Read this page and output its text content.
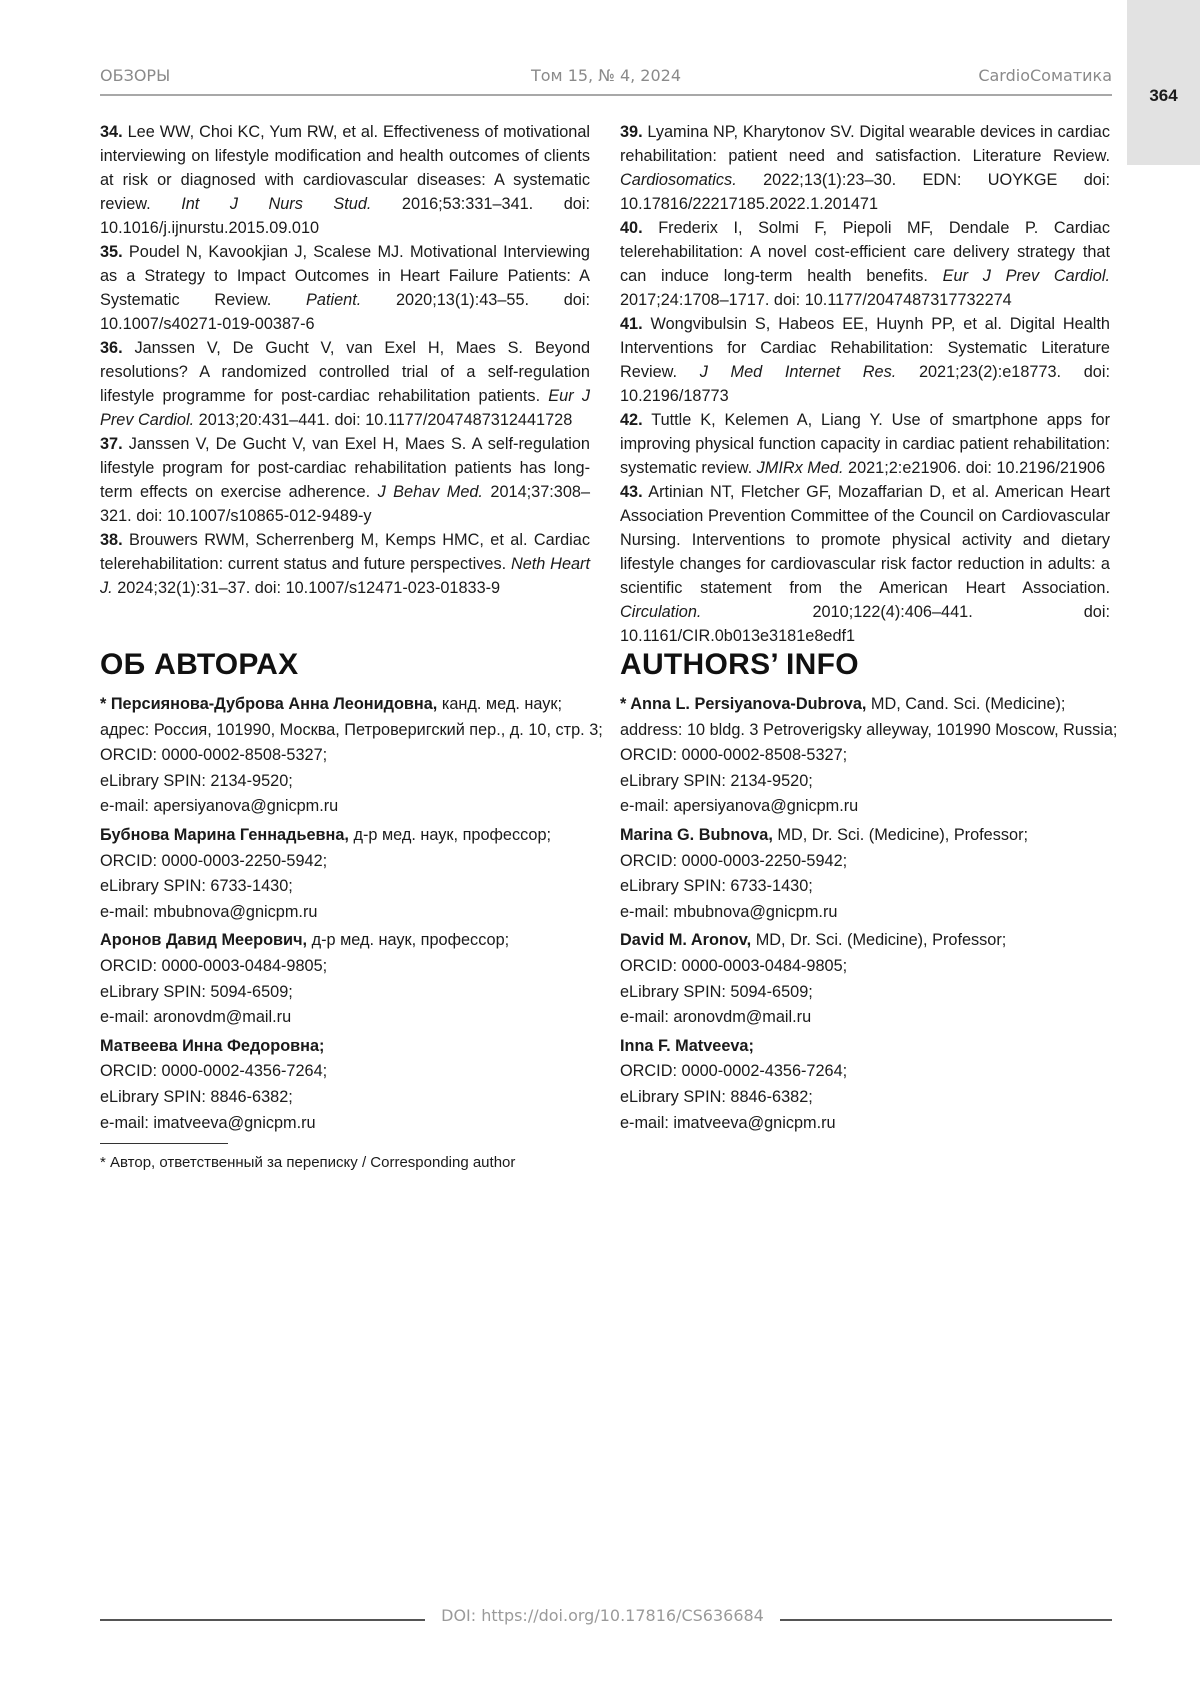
364
ОБЗОРЫ	Том 15, № 4, 2024	CardioСоматика

34. Lee WW, Choi KC, Yum RW, et al. Effectiveness of motivational interviewing on lifestyle modification and health outcomes of clients at risk or diagnosed with cardiovascular diseases: A systematic review. Int J Nurs Stud. 2016;53:331–341. doi: 10.1016/j.ijnurstu.2015.09.010

35. Poudel N, Kavookjian J, Scalese MJ. Motivational Interviewing as a Strategy to Impact Outcomes in Heart Failure Patients: A Systematic Review. Patient. 2020;13(1):43–55. doi: 10.1007/s40271-019-00387-6

36. Janssen V, De Gucht V, van Exel H, Maes S. Beyond resolutions? A randomized controlled trial of a self-regulation lifestyle programme for post-cardiac rehabilitation patients. Eur J Prev Cardiol. 2013;20:431–441. doi: 10.1177/2047487312441728

37. Janssen V, De Gucht V, van Exel H, Maes S. A self-regulation lifestyle program for post-cardiac rehabilitation patients has long-term effects on exercise adherence. J Behav Med. 2014;37:308–321. doi: 10.1007/s10865-012-9489-y

38. Brouwers RWM, Scherrenberg M, Kemps HMC, et al. Cardiac telerehabilitation: current status and future perspectives. Neth Heart J. 2024;32(1):31–37. doi: 10.1007/s12471-023-01833-9

39. Lyamina NP, Kharytonov SV. Digital wearable devices in cardiac rehabilitation: patient need and satisfaction. Literature Review. Cardiosomatics. 2022;13(1):23–30. EDN: UOYKGE doi: 10.17816/22217185.2022.1.201471

40. Frederix I, Solmi F, Piepoli MF, Dendale P. Cardiac telerehabilitation: A novel cost-efficient care delivery strategy that can induce long-term health benefits. Eur J Prev Cardiol. 2017;24:1708–1717. doi: 10.1177/2047487317732274

41. Wongvibulsin S, Habeos EE, Huynh PP, et al. Digital Health Interventions for Cardiac Rehabilitation: Systematic Literature Review. J Med Internet Res. 2021;23(2):e18773. doi: 10.2196/18773

42. Tuttle K, Kelemen A, Liang Y. Use of smartphone apps for improving physical function capacity in cardiac patient rehabilitation: systematic review. JMIRx Med. 2021;2:e21906. doi: 10.2196/21906

43. Artinian NT, Fletcher GF, Mozaffarian D, et al. American Heart Association Prevention Committee of the Council on Cardiovascular Nursing. Interventions to promote physical activity and dietary lifestyle changes for cardiovascular risk factor reduction in adults: a scientific statement from the American Heart Association. Circulation. 2010;122(4):406–441. doi: 10.1161/CIR.0b013e3181e8edf1

ОБ АВТОРАХ
* Персиянова-Дуброва Анна Леонидовна, канд. мед. наук;
адрес: Россия, 101990, Москва, Петроверигский пер., д. 10, стр. 3;
ORCID: 0000-0002-8508-5327;
eLibrary SPIN: 2134-9520;
e-mail: apersiyanova@gnicpm.ru
Бубнова Марина Геннадьевна, д-р мед. наук, профессор;
ORCID: 0000-0003-2250-5942;
eLibrary SPIN: 6733-1430;
e-mail: mbubnova@gnicpm.ru
Аронов Давид Меерович, д-р мед. наук, профессор;
ORCID: 0000-0003-0484-9805;
eLibrary SPIN: 5094-6509;
e-mail: aronovdm@mail.ru
Матвеева Инна Федоровна;
ORCID: 0000-0002-4356-7264;
eLibrary SPIN: 8846-6382;
e-mail: imatveeva@gnicpm.ru
AUTHORS’ INFO
* Anna L. Persiyanova-Dubrova, MD, Cand. Sci. (Medicine);
address: 10 bldg. 3 Petroverigsky alleyway, 101990 Moscow, Russia;
ORCID: 0000-0002-8508-5327;
eLibrary SPIN: 2134-9520;
e-mail: apersiyanova@gnicpm.ru
Marina G. Bubnova, MD, Dr. Sci. (Medicine), Professor;
ORCID: 0000-0003-2250-5942;
eLibrary SPIN: 6733-1430;
e-mail: mbubnova@gnicpm.ru
David M. Aronov, MD, Dr. Sci. (Medicine), Professor;
ORCID: 0000-0003-0484-9805;
eLibrary SPIN: 5094-6509;
e-mail: aronovdm@mail.ru
Inna F. Matveeva;
ORCID: 0000-0002-4356-7264;
eLibrary SPIN: 8846-6382;
e-mail: imatveeva@gnicpm.ru
* Автор, ответственный за переписку / Corresponding author
DOI: https://doi.org/10.17816/CS636684
